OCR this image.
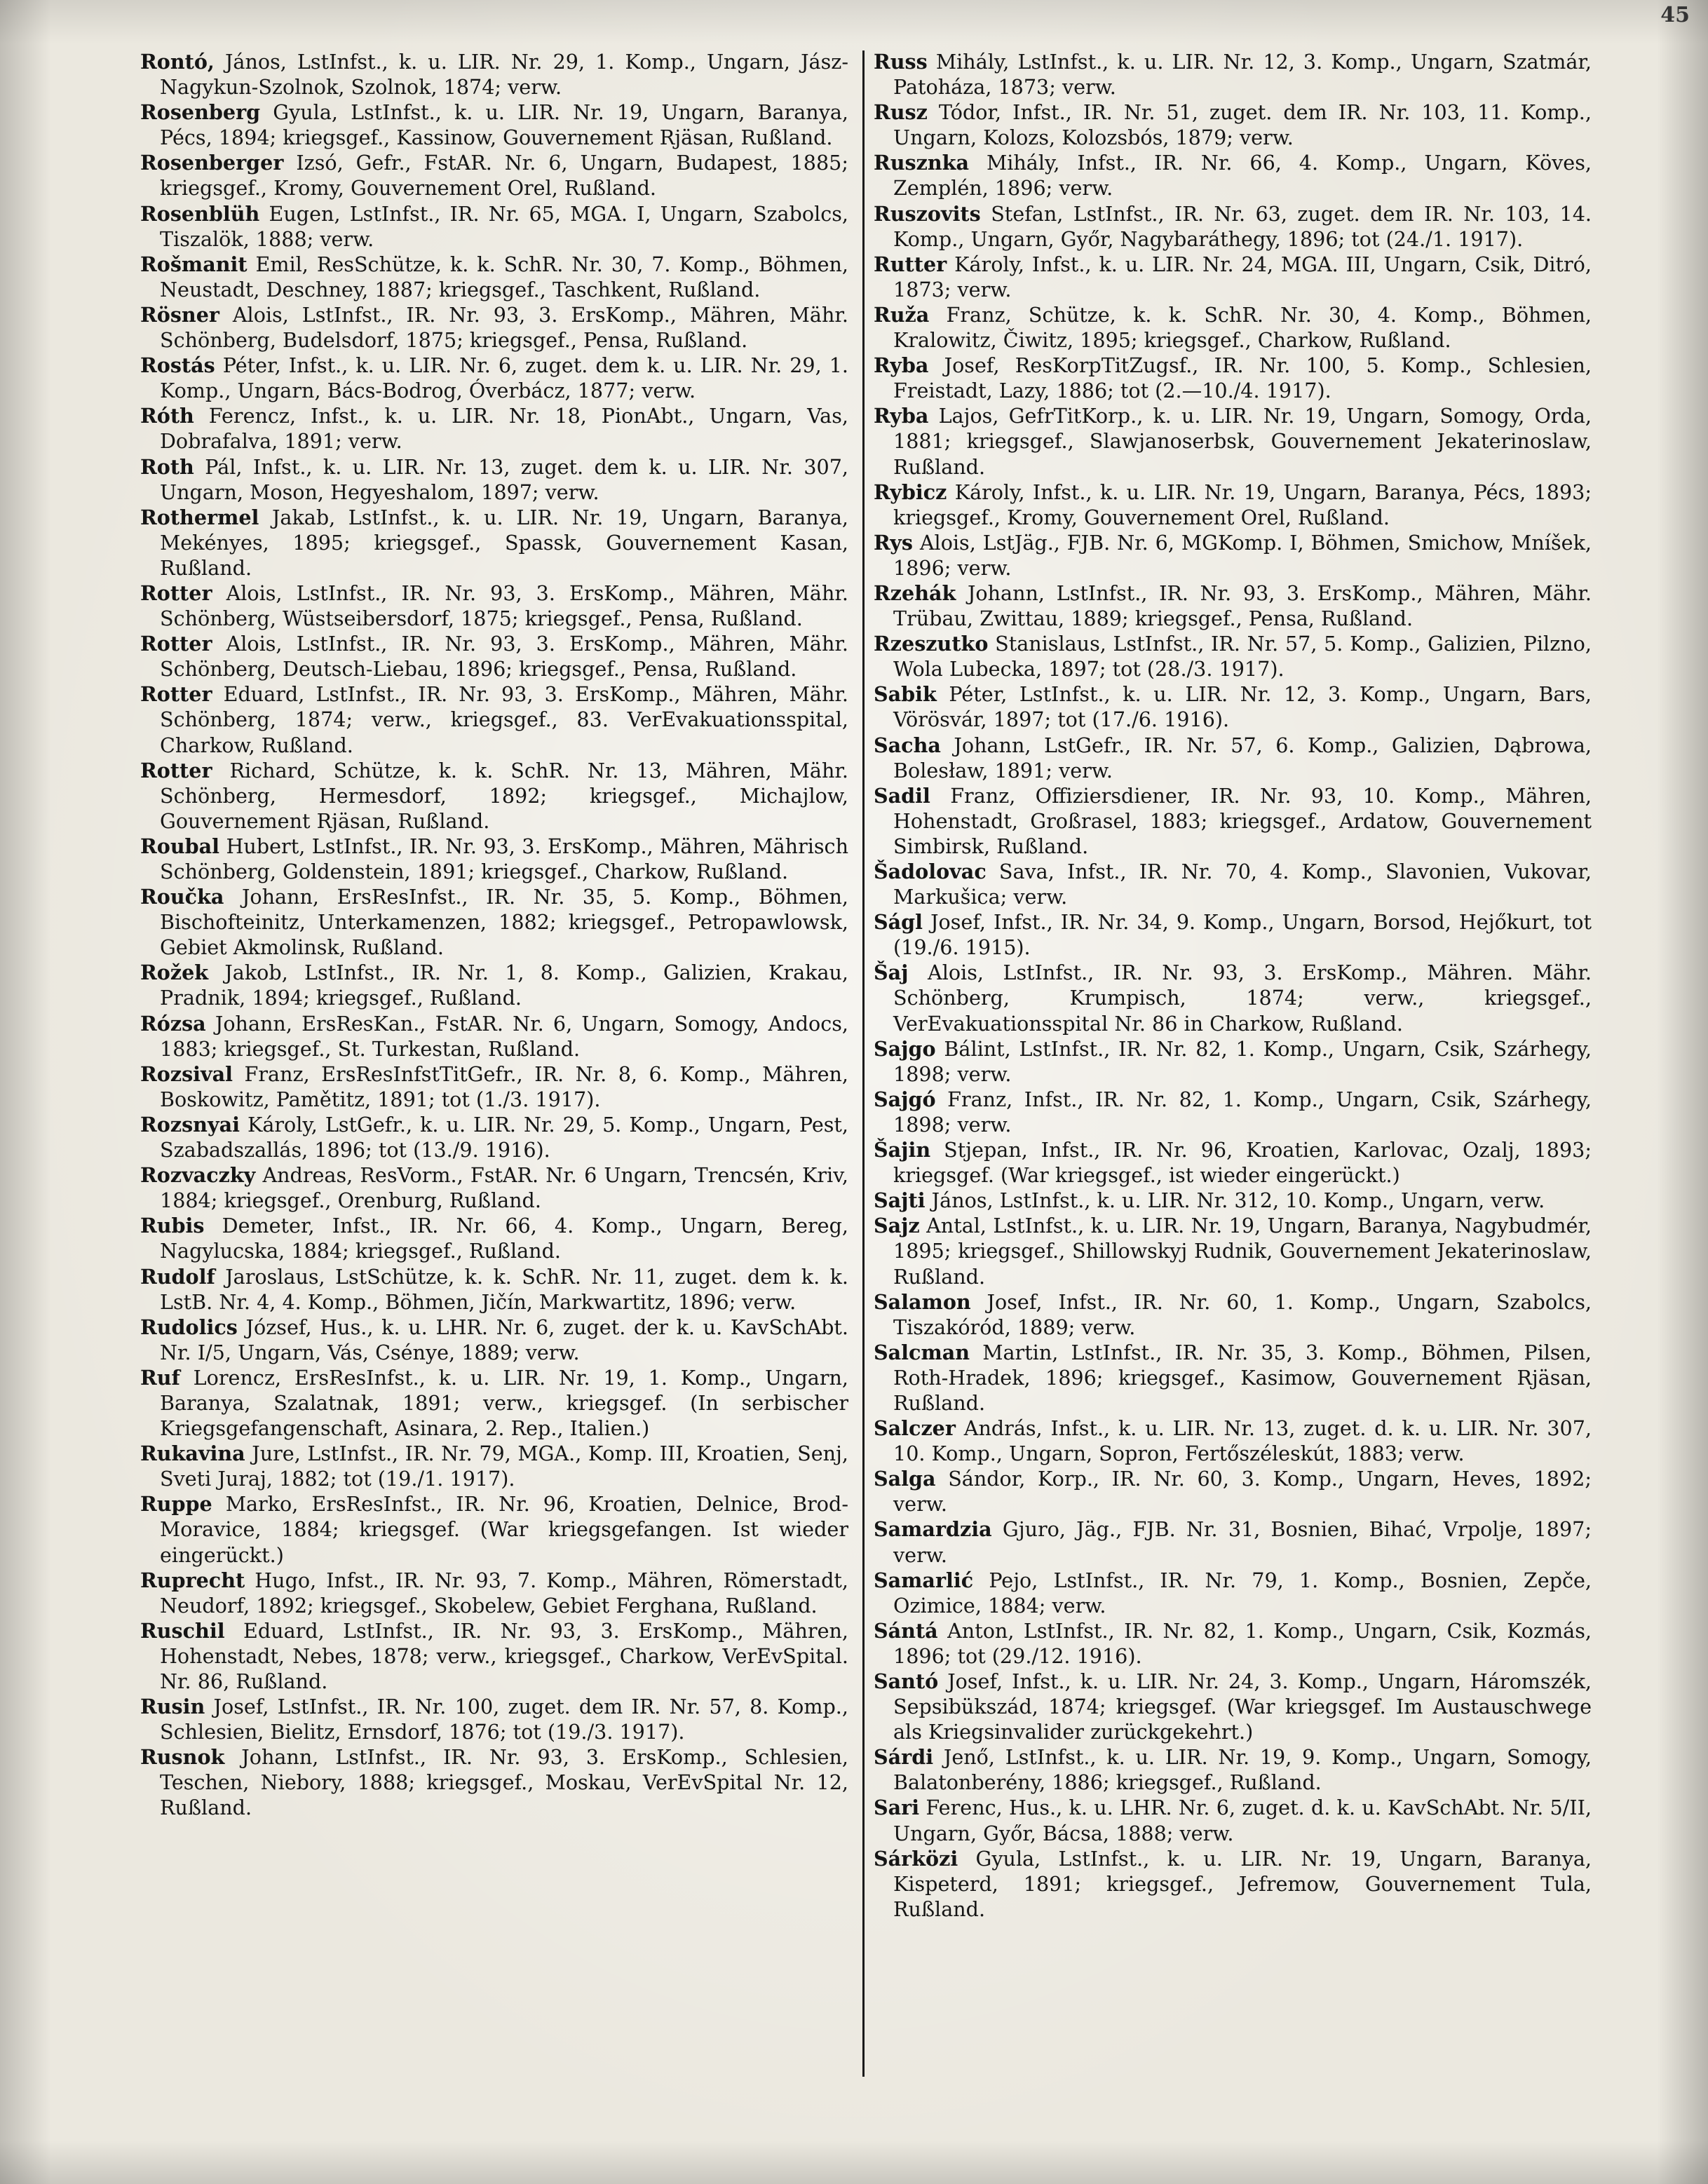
45
Rontó, János, LstInfst., k. u. LIR. Nr. 29, 1. Komp., Ungarn, Jász-Nagykun-Szolnok, Szolnok, 1874; verw.
Rosenberg Gyula, LstInfst., k. u. LIR. Nr. 19, Ungarn, Baranya, Pécs, 1894; kriegsgef., Kassinow, Gouvernement Rjäsan, Rußland.
Rosenberger Izsó, Gefr., FstAR. Nr. 6, Ungarn, Budapest, 1885; kriegsgef., Kromy, Gouvernement Orel, Rußland.
Rosenblüh Eugen, LstInfst., IR. Nr. 65, MGA. I, Ungarn, Szabolcs, Tiszalök, 1888; verw.
Rošmanit Emil, ResSchütze, k. k. SchR. Nr. 30, 7. Komp., Böhmen, Neustadt, Deschney, 1887; kriegsgef., Taschkent, Rußland.
Rösner Alois, LstInfst., IR. Nr. 93, 3. ErsKomp., Mähren, Mähr. Schönberg, Budelsdorf, 1875; kriegsgef., Pensa, Rußland.
Rostás Péter, Infst., k. u. LIR. Nr. 6, zuget. dem k. u. LIR. Nr. 29, 1. Komp., Ungarn, Bács-Bodrog, Óverbácz, 1877; verw.
Róth Ferencz, Infst., k. u. LIR. Nr. 18, PionAbt., Ungarn, Vas, Dobrafalva, 1891; verw.
Roth Pál, Infst., k. u. LIR. Nr. 13, zuget. dem k. u. LIR. Nr. 307, Ungarn, Moson, Hegyeshalom, 1897; verw.
Rothermel Jakab, LstInfst., k. u. LIR. Nr. 19, Ungarn, Baranya, Mekényes, 1895; kriegsgef., Spassk, Gouvernement Kasan, Rußland.
Rotter Alois, LstInfst., IR. Nr. 93, 3. ErsKomp., Mähren, Mähr. Schönberg, Wüstseibersdorf, 1875; kriegsgef., Pensa, Rußland.
Rotter Alois, LstInfst., IR. Nr. 93, 3. ErsKomp., Mähren, Mähr. Schönberg, Deutsch-Liebau, 1896; kriegsgef., Pensa, Rußland.
Rotter Eduard, LstInfst., IR. Nr. 93, 3. ErsKomp., Mähren, Mähr. Schönberg, 1874; verw., kriegsgef., 83. VerEvakuationsspital, Charkow, Rußland.
Rotter Richard, Schütze, k. k. SchR. Nr. 13, Mähren, Mähr. Schönberg, Hermesdorf, 1892; kriegsgef., Michajlow, Gouvernement Rjäsan, Rußland.
Roubal Hubert, LstInfst., IR. Nr. 93, 3. ErsKomp., Mähren, Mährisch Schönberg, Goldenstein, 1891; kriegsgef., Charkow, Rußland.
Roučka Johann, ErsResInfst., IR. Nr. 35, 5. Komp., Böhmen, Bischofteinitz, Unterkamenzen, 1882; kriegsgef., Petropawlowsk, Gebiet Akmolinsk, Rußland.
Rožek Jakob, LstInfst., IR. Nr. 1, 8. Komp., Galizien, Krakau, Pradnik, 1894; kriegsgef., Rußland.
Rózsa Johann, ErsResKan., FstAR. Nr. 6, Ungarn, Somogy, Andocs, 1883; kriegsgef., St. Turkestan, Rußland.
Rozsival Franz, ErsResInfstTitGefr., IR. Nr. 8, 6. Komp., Mähren, Boskowitz, Pamětitz, 1891; tot (1./3. 1917).
Rozsnyai Károly, LstGefr., k. u. LIR. Nr. 29, 5. Komp., Ungarn, Pest, Szabadszallás, 1896; tot (13./9. 1916).
Rozvaczky Andreas, ResVorm., FstAR. Nr. 6 Ungarn, Trencsén, Kriv, 1884; kriegsgef., Orenburg, Rußland.
Rubis Demeter, Infst., IR. Nr. 66, 4. Komp., Ungarn, Bereg, Nagylucska, 1884; kriegsgef., Rußland.
Rudolf Jaroslaus, LstSchütze, k. k. SchR. Nr. 11, zuget. dem k. k. LstB. Nr. 4, 4. Komp., Böhmen, Jičín, Markwartitz, 1896; verw.
Rudolics József, Hus., k. u. LHR. Nr. 6, zuget. der k. u. KavSchAbt. Nr. I/5, Ungarn, Vás, Csénye, 1889; verw.
Ruf Lorencz, ErsResInfst., k. u. LIR. Nr. 19, 1. Komp., Ungarn, Baranya, Szalatnak, 1891; verw., kriegsgef. (In serbischer Kriegsgefangenschaft, Asinara, 2. Rep., Italien.)
Rukavina Jure, LstInfst., IR. Nr. 79, MGA., Komp. III, Kroatien, Senj, Sveti Juraj, 1882; tot (19./1. 1917).
Ruppe Marko, ErsResInfst., IR. Nr. 96, Kroatien, Delnice, Brod-Moravice, 1884; kriegsgef. (War kriegsgefangen. Ist wieder eingerückt.)
Ruprecht Hugo, Infst., IR. Nr. 93, 7. Komp., Mähren, Römerstadt, Neudorf, 1892; kriegsgef., Skobelew, Gebiet Ferghana, Rußland.
Ruschil Eduard, LstInfst., IR. Nr. 93, 3. ErsKomp., Mähren, Hohenstadt, Nebes, 1878; verw., kriegsgef., Charkow, VerEvSpital. Nr. 86, Rußland.
Rusin Josef, LstInfst., IR. Nr. 100, zuget. dem IR. Nr. 57, 8. Komp., Schlesien, Bielitz, Ernsdorf, 1876; tot (19./3. 1917).
Rusnok Johann, LstInfst., IR. Nr. 93, 3. ErsKomp., Schlesien, Teschen, Niebory, 1888; kriegsgef., Moskau, VerEvSpital Nr. 12, Rußland.
Russ Mihály, LstInfst., k. u. LIR. Nr. 12, 3. Komp., Ungarn, Szatmár, Patoháza, 1873; verw.
Rusz Tódor, Infst., IR. Nr. 51, zuget. dem IR. Nr. 103, 11. Komp., Ungarn, Kolozs, Kolozsbós, 1879; verw.
Rusznka Mihály, Infst., IR. Nr. 66, 4. Komp., Ungarn, Köves, Zemplén, 1896; verw.
Ruszovits Stefan, LstInfst., IR. Nr. 63, zuget. dem IR. Nr. 103, 14. Komp., Ungarn, Győr, Nagybaráthegy, 1896; tot (24./1. 1917).
Rutter Károly, Infst., k. u. LIR. Nr. 24, MGA. III, Ungarn, Csik, Ditró, 1873; verw.
Ruža Franz, Schütze, k. k. SchR. Nr. 30, 4. Komp., Böhmen, Kralowitz, Čiwitz, 1895; kriegsgef., Charkow, Rußland.
Ryba Josef, ResKorpTitZugsf., IR. Nr. 100, 5. Komp., Schlesien, Freistadt, Lazy, 1886; tot (2.—10./4. 1917).
Ryba Lajos, GefrTitKorp., k. u. LIR. Nr. 19, Ungarn, Somogy, Orda, 1881; kriegsgef., Slawjanoserbsk, Gouvernement Jekaterinoslaw, Rußland.
Rybicz Károly, Infst., k. u. LIR. Nr. 19, Ungarn, Baranya, Pécs, 1893; kriegsgef., Kromy, Gouvernement Orel, Rußland.
Rys Alois, LstJäg., FJB. Nr. 6, MGKomp. I, Böhmen, Smichow, Mníšek, 1896; verw.
Rzehák Johann, LstInfst., IR. Nr. 93, 3. ErsKomp., Mähren, Mähr. Trübau, Zwittau, 1889; kriegsgef., Pensa, Rußland.
Rzeszutko Stanislaus, LstInfst., IR. Nr. 57, 5. Komp., Galizien, Pilzno, Wola Lubecka, 1897; tot (28./3. 1917).
Sabik Péter, LstInfst., k. u. LIR. Nr. 12, 3. Komp., Ungarn, Bars, Vörösvár, 1897; tot (17./6. 1916).
Sacha Johann, LstGefr., IR. Nr. 57, 6. Komp., Galizien, Dąbrowa, Bolesław, 1891; verw.
Sadil Franz, Offiziersdiener, IR. Nr. 93, 10. Komp., Mähren, Hohenstadt, Großrasel, 1883; kriegsgef., Ardatow, Gouvernement Simbirsk, Rußland.
Šadolovac Sava, Infst., IR. Nr. 70, 4. Komp., Slavonien, Vukovar, Markušica; verw.
Ságl Josef, Infst., IR. Nr. 34, 9. Komp., Ungarn, Borsod, Hejőkurt, tot (19./6. 1915).
Šaj Alois, LstInfst., IR. Nr. 93, 3. ErsKomp., Mähren. Mähr. Schönberg, Krumpisch, 1874; verw., kriegsgef., VerEvakuationsspital Nr. 86 in Charkow, Rußland.
Sajgo Bálint, LstInfst., IR. Nr. 82, 1. Komp., Ungarn, Csik, Szárhegy, 1898; verw.
Sajgó Franz, Infst., IR. Nr. 82, 1. Komp., Ungarn, Csik, Szárhegy, 1898; verw.
Šajin Stjepan, Infst., IR. Nr. 96, Kroatien, Karlovac, Ozalj, 1893; kriegsgef. (War kriegsgef., ist wieder eingerückt.)
Sajti János, LstInfst., k. u. LIR. Nr. 312, 10. Komp., Ungarn, verw.
Sajz Antal, LstInfst., k. u. LIR. Nr. 19, Ungarn, Baranya, Nagybudmér, 1895; kriegsgef., Shillowskyj Rudnik, Gouvernement Jekaterinoslaw, Rußland.
Salamon Josef, Infst., IR. Nr. 60, 1. Komp., Ungarn, Szabolcs, Tiszakóród, 1889; verw.
Salcman Martin, LstInfst., IR. Nr. 35, 3. Komp., Böhmen, Pilsen, Roth-Hradek, 1896; kriegsgef., Kasimow, Gouvernement Rjäsan, Rußland.
Salczer András, Infst., k. u. LIR. Nr. 13, zuget. d. k. u. LIR. Nr. 307, 10. Komp., Ungarn, Sopron, Fertőszéleskút, 1883; verw.
Salga Sándor, Korp., IR. Nr. 60, 3. Komp., Ungarn, Heves, 1892; verw.
Samardzia Gjuro, Jäg., FJB. Nr. 31, Bosnien, Bihać, Vrpolje, 1897; verw.
Samarlić Pejo, LstInfst., IR. Nr. 79, 1. Komp., Bosnien, Zepče, Ozimice, 1884; verw.
Sántá Anton, LstInfst., IR. Nr. 82, 1. Komp., Ungarn, Csik, Kozmás, 1896; tot (29./12. 1916).
Santó Josef, Infst., k. u. LIR. Nr. 24, 3. Komp., Ungarn, Háromszék, Sepsibükszád, 1874; kriegsgef. (War kriegsgef. Im Austauschwege als Kriegsinvalider zurückgekehrt.)
Sárdi Jenő, LstInfst., k. u. LIR. Nr. 19, 9. Komp., Ungarn, Somogy, Balatonberény, 1886; kriegsgef., Rußland.
Sari Ferenc, Hus., k. u. LHR. Nr. 6, zuget. d. k. u. KavSchAbt. Nr. 5/II, Ungarn, Győr, Bácsa, 1888; verw.
Sárközi Gyula, LstInfst., k. u. LIR. Nr. 19, Ungarn, Baranya, Kispeterd, 1891; kriegsgef., Jefremow, Gouvernement Tula, Rußland.
